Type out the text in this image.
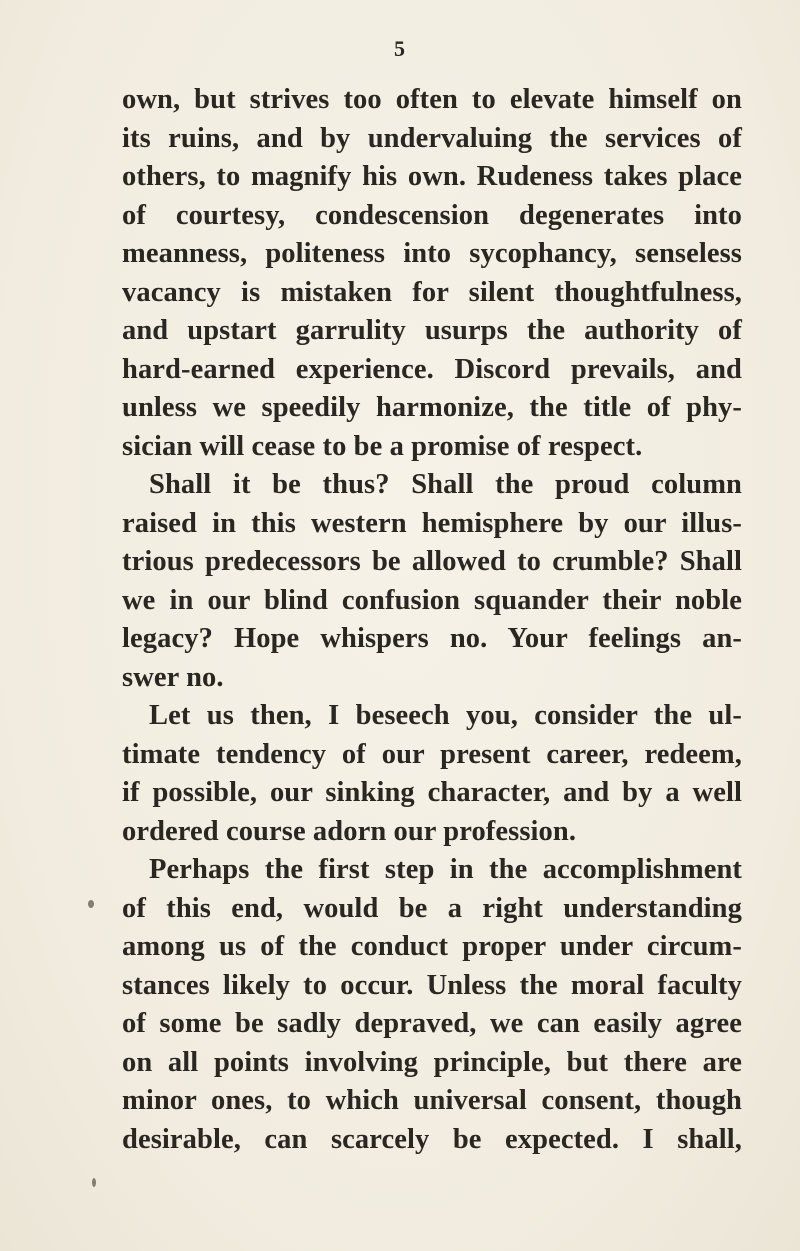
5
own, but strives too often to elevate himself on
its ruins, and by undervaluing the services of
others, to magnify his own. Rudeness takes place
of courtesy, condescension degenerates into
meanness, politeness into sycophancy, senseless
vacancy is mistaken for silent thoughtfulness,
and upstart garrulity usurps the authority of
hard-earned experience. Discord prevails, and
unless we speedily harmonize, the title of phy-
sician will cease to be a promise of respect.
Shall it be thus? Shall the proud column
raised in this western hemisphere by our illus-
trious predecessors be allowed to crumble? Shall
we in our blind confusion squander their noble
legacy? Hope whispers no. Your feelings an-
swer no.
Let us then, I beseech you, consider the ul-
timate tendency of our present career, redeem,
if possible, our sinking character, and by a well
ordered course adorn our profession.
Perhaps the first step in the accomplishment
of this end, would be a right understanding
among us of the conduct proper under circum-
stances likely to occur. Unless the moral faculty
of some be sadly depraved, we can easily agree
on all points involving principle, but there are
minor ones, to which universal consent, though
desirable, can scarcely be expected. I shall,
